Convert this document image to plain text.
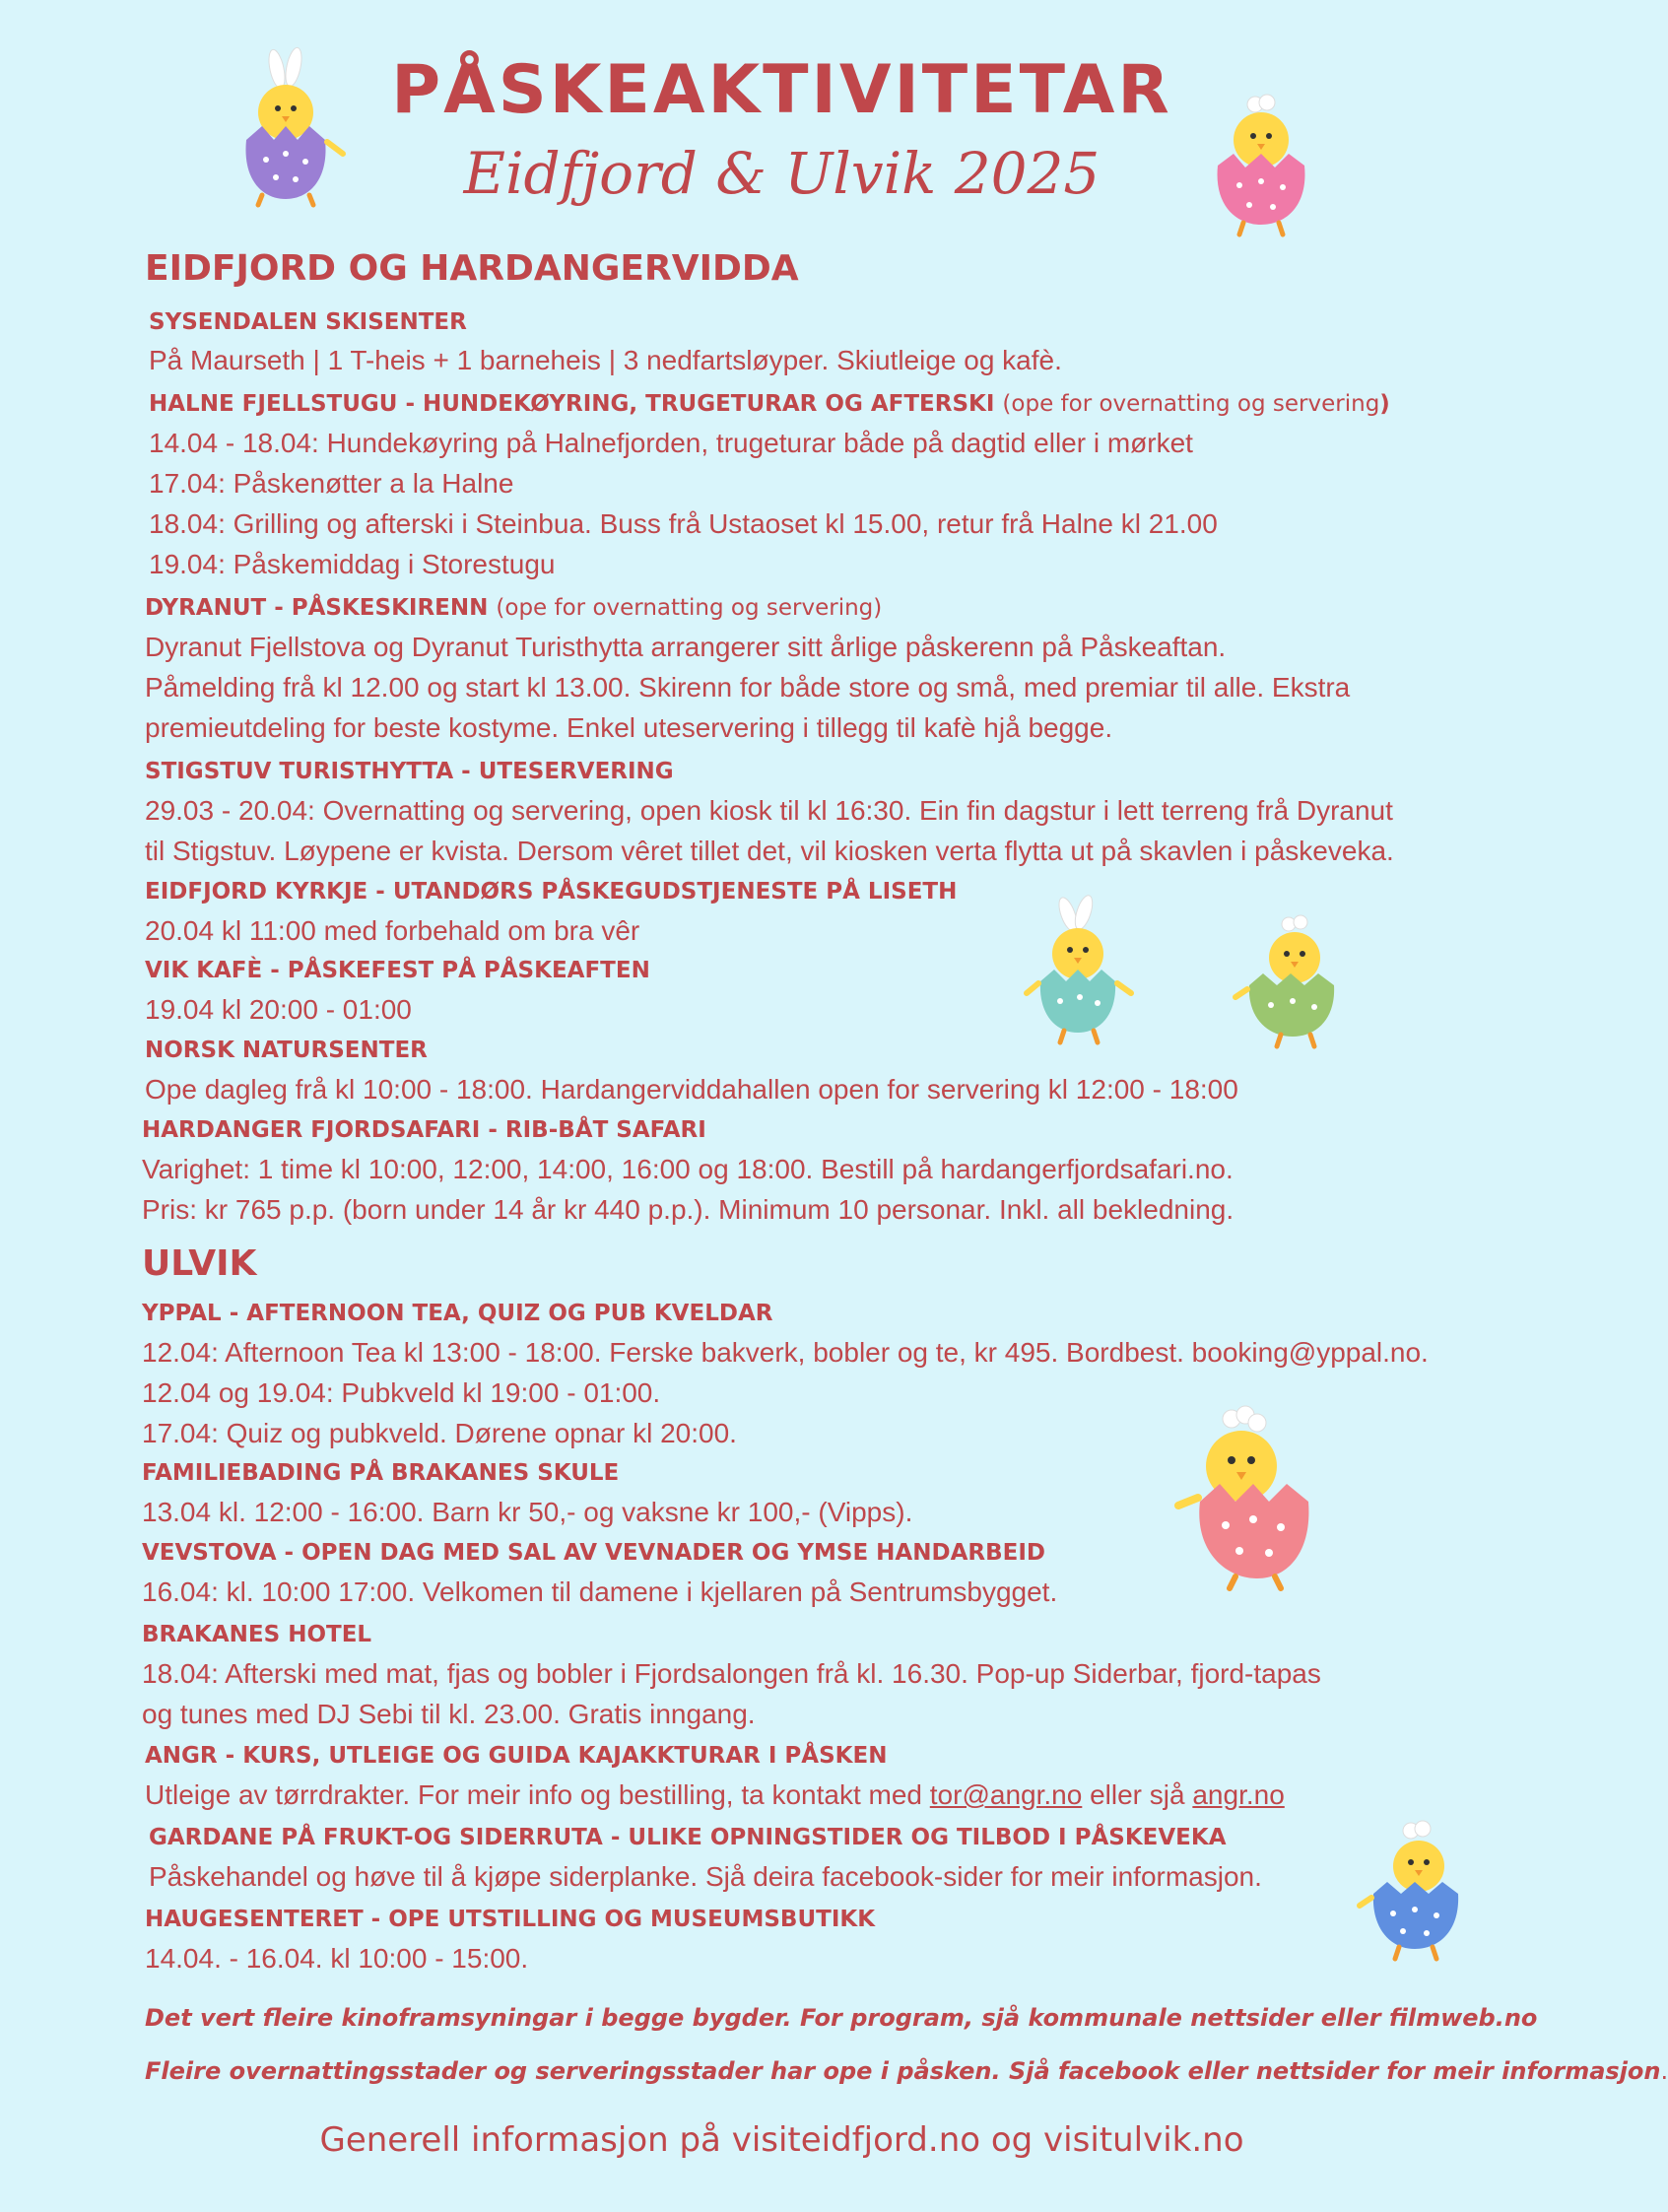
PÅSKEAKTIVITETAR
Eidfjord & Ulvik 2025
EIDFJORD OG HARDANGERVIDDA
SYSENDALEN SKISENTER
På Maurseth | 1 T-heis + 1 barneheis | 3 nedfartsløyper. Skiutleige og kafè.
HALNE FJELLSTUGU - HUNDEKØYRING, TRUGETURAR OG AFTERSKI (ope for overnatting og servering)
14.04 - 18.04: Hundekøyring på Halnefjorden, trugeturar både på dagtid eller i mørket
17.04: Påskenøtter a la Halne
18.04: Grilling og afterski i Steinbua. Buss frå Ustaoset kl 15.00, retur frå Halne kl 21.00
19.04: Påskemiddag i Storestugu
DYRANUT - PÅSKESKIRENN (ope for overnatting og servering)
Dyranut Fjellstova og Dyranut Turisthytta arrangerer sitt årlige påskerenn på Påskeaftan.
Påmelding frå kl 12.00 og start kl 13.00. Skirenn for både store og små, med premiar til alle. Ekstra
premieutdeling for beste kostyme. Enkel uteservering i tillegg til kafè hjå begge.
STIGSTUV TURISTHYTTA - UTESERVERING
29.03 - 20.04: Overnatting og servering, open kiosk til kl 16:30. Ein fin dagstur i lett terreng frå Dyranut
til Stigstuv. Løypene er kvista. Dersom vêret tillet det, vil kiosken verta flytta ut på skavlen i påskeveka.
EIDFJORD KYRKJE - UTANDØRS PÅSKEGUDSTJENESTE PÅ LISETH
20.04 kl 11:00 med forbehald om bra vêr
VIK KAFÈ - PÅSKEFEST PÅ PÅSKEAFTEN
19.04 kl 20:00 - 01:00
NORSK NATURSENTER
Ope dagleg frå kl 10:00 - 18:00. Hardangerviddahallen open for servering kl 12:00 - 18:00
HARDANGER FJORDSAFARI - RIB-BÅT SAFARI
Varighet: 1 time kl 10:00, 12:00, 14:00, 16:00 og 18:00. Bestill på hardangerfjordsafari.no.
Pris: kr 765 p.p. (born under 14 år kr 440 p.p.). Minimum 10 personar. Inkl. all bekledning.
ULVIK
YPPAL - AFTERNOON TEA, QUIZ OG PUB KVELDAR
12.04: Afternoon Tea kl 13:00 - 18:00. Ferske bakverk, bobler og te, kr 495. Bordbest. booking@yppal.no.
12.04 og 19.04: Pubkveld kl 19:00 - 01:00.
17.04: Quiz og pubkveld. Dørene opnar kl 20:00.
FAMILIEBADING PÅ BRAKANES SKULE
13.04 kl. 12:00 - 16:00. Barn kr 50,- og vaksne kr 100,- (Vipps).
VEVSTOVA - OPEN DAG MED SAL AV VEVNADER OG YMSE HANDARBEID
16.04: kl. 10:00 17:00. Velkomen til damene i kjellaren på Sentrumsbygget.
BRAKANES HOTEL
18.04: Afterski med mat, fjas og bobler i Fjordsalongen frå kl. 16.30. Pop-up Siderbar, fjord-tapas
og tunes med DJ Sebi til kl. 23.00. Gratis inngang.
ANGR - KURS, UTLEIGE OG GUIDA KAJAKKTURAR I PÅSKEN
Utleige av tørrdrakter. For meir info og bestilling, ta kontakt med tor@angr.no eller sjå angr.no
GARDANE PÅ FRUKT-OG SIDERRUTA - ULIKE OPNINGSTIDER OG TILBOD I PÅSKEVEKA
Påskehandel og høve til å kjøpe siderplanke. Sjå deira facebook-sider for meir informasjon.
HAUGESENTERET - OPE UTSTILLING OG MUSEUMSBUTIKK
14.04. - 16.04. kl 10:00 - 15:00.
Det vert fleire kinoframsyningar i begge bygder. For program, sjå kommunale nettsider eller filmweb.no
Fleire overnattingsstader og serveringsstader har ope i påsken. Sjå facebook eller nettsider for meir informasjon.
Generell informasjon på visiteidfjord.no og visitulvik.no
